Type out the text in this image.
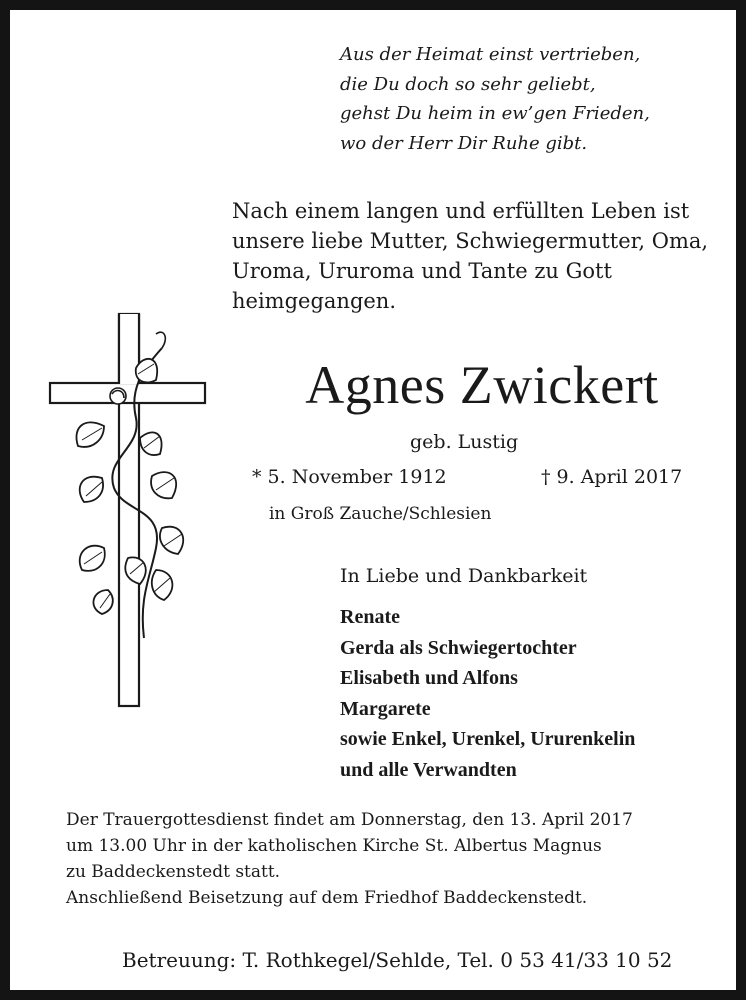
Aus der Heimat einst vertrieben,
die Du doch so sehr geliebt,
gehst Du heim in ew’gen Frieden,
wo der Herr Dir Ruhe gibt.
Nach einem langen und erfüllten Leben ist
unsere liebe Mutter, Schwiegermutter, Oma,
Uroma, Ururoma und Tante zu Gott
heimgegangen.
Agnes Zwickert
geb. Lustig
* 5. November 1912	† 9. April 2017
in Groß Zauche/Schlesien
In Liebe und Dankbarkeit
Renate
Gerda als Schwiegertochter
Elisabeth und Alfons
Margarete
sowie Enkel, Urenkel, Ururenkelin
und alle Verwandten
Der Trauergottesdienst findet am Donnerstag, den 13. April 2017
um 13.00 Uhr in der katholischen Kirche St. Albertus Magnus
zu Baddeckenstedt statt.
Anschließend Beisetzung auf dem Friedhof Baddeckenstedt.
Betreuung: T. Rothkegel/Sehlde, Tel. 0 53 41/33 10 52
